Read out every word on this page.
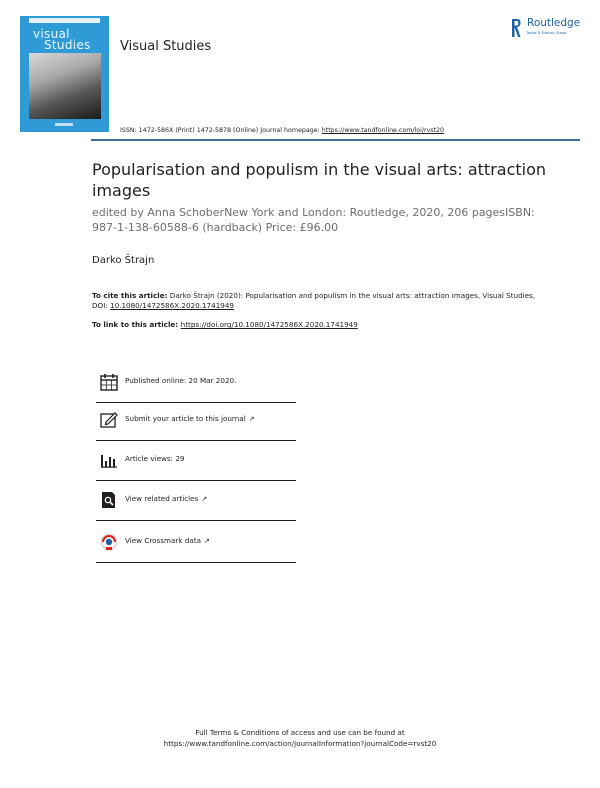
visual
Studies Visual Studies
ISSN: 1472-586X (Print) 1472-5878 (Online) Journal homepage: https://www.tandfonline.com/loi/rvst20
Routledge
Taylor & Francis Group
Popularisation and populism in the visual arts: attraction images
edited by Anna SchoberNew York and London: Routledge, 2020, 206 pagesISBN: 987-1-138-60588-6 (hardback) Price: £96.00
Darko Štrajn
To cite this article: Darko Štrajn (2020): Popularisation and populism in the visual arts: attraction images, Visual Studies, DOI: 10.1080/1472586X.2020.1741949
To link to this article: https://doi.org/10.1080/1472586X.2020.1741949
Published online: 20 Mar 2020.
Submit your article to this journal ↗
Article views: 29
View related articles ↗
View Crossmark data ↗
Full Terms & Conditions of access and use can be found at
https://www.tandfonline.com/action/journalInformation?journalCode=rvst20
